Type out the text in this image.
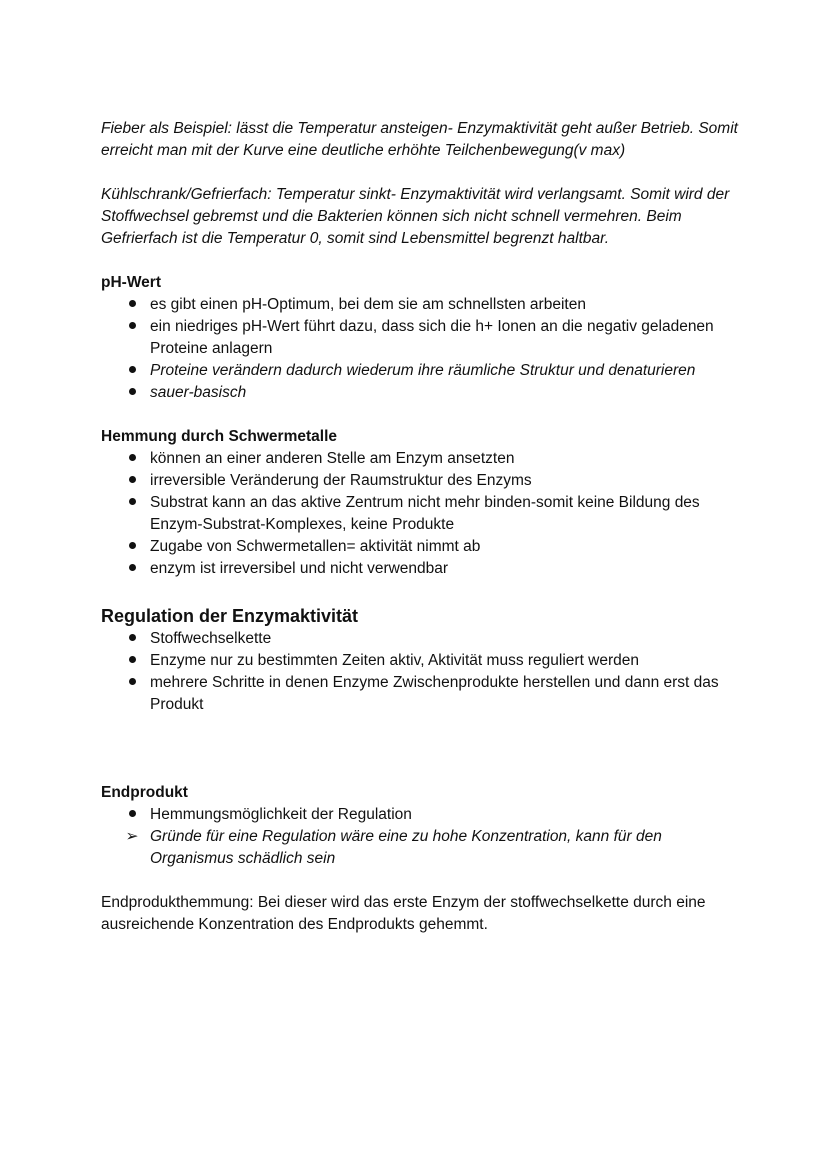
Fieber als Beispiel: lässt die Temperatur ansteigen- Enzymaktivität geht außer Betrieb. Somit erreicht man mit der Kurve eine deutliche erhöhte Teilchenbewegung(v max)

Kühlschrank/Gefrierfach: Temperatur sinkt- Enzymaktivität wird verlangsamt. Somit wird der Stoffwechsel gebremst und die Bakterien können sich nicht schnell vermehren. Beim Gefrierfach ist die Temperatur 0, somit sind Lebensmittel begrenzt haltbar.

pH-Wert

es gibt einen pH-Optimum, bei dem sie am schnellsten arbeiten
ein niedriges pH-Wert führt dazu, dass sich die h+ Ionen an die negativ geladenen Proteine anlagern
Proteine verändern dadurch wiederum ihre räumliche Struktur und denaturieren
sauer-basisch

Hemmung durch Schwermetalle

können an einer anderen Stelle am Enzym ansetzten
irreversible Veränderung der Raumstruktur des Enzyms
Substrat kann an das aktive Zentrum nicht mehr binden-somit keine Bildung des Enzym-Substrat-Komplexes, keine Produkte
Zugabe von Schwermetallen= aktivität nimmt ab
enzym ist irreversibel und nicht verwendbar

Regulation der Enzymaktivität

Stoffwechselkette
Enzyme nur zu bestimmten Zeiten aktiv, Aktivität muss reguliert werden
mehrere Schritte in denen Enzyme Zwischenprodukte herstellen und dann erst das Produkt

Endprodukt

Hemmungsmöglichkeit der Regulation
➢ Gründe für eine Regulation wäre eine zu hohe Konzentration, kann für den Organismus schädlich sein

Endprodukthemmung: Bei dieser wird das erste Enzym der stoffwechselkette durch eine ausreichende Konzentration des Endprodukts gehemmt.
